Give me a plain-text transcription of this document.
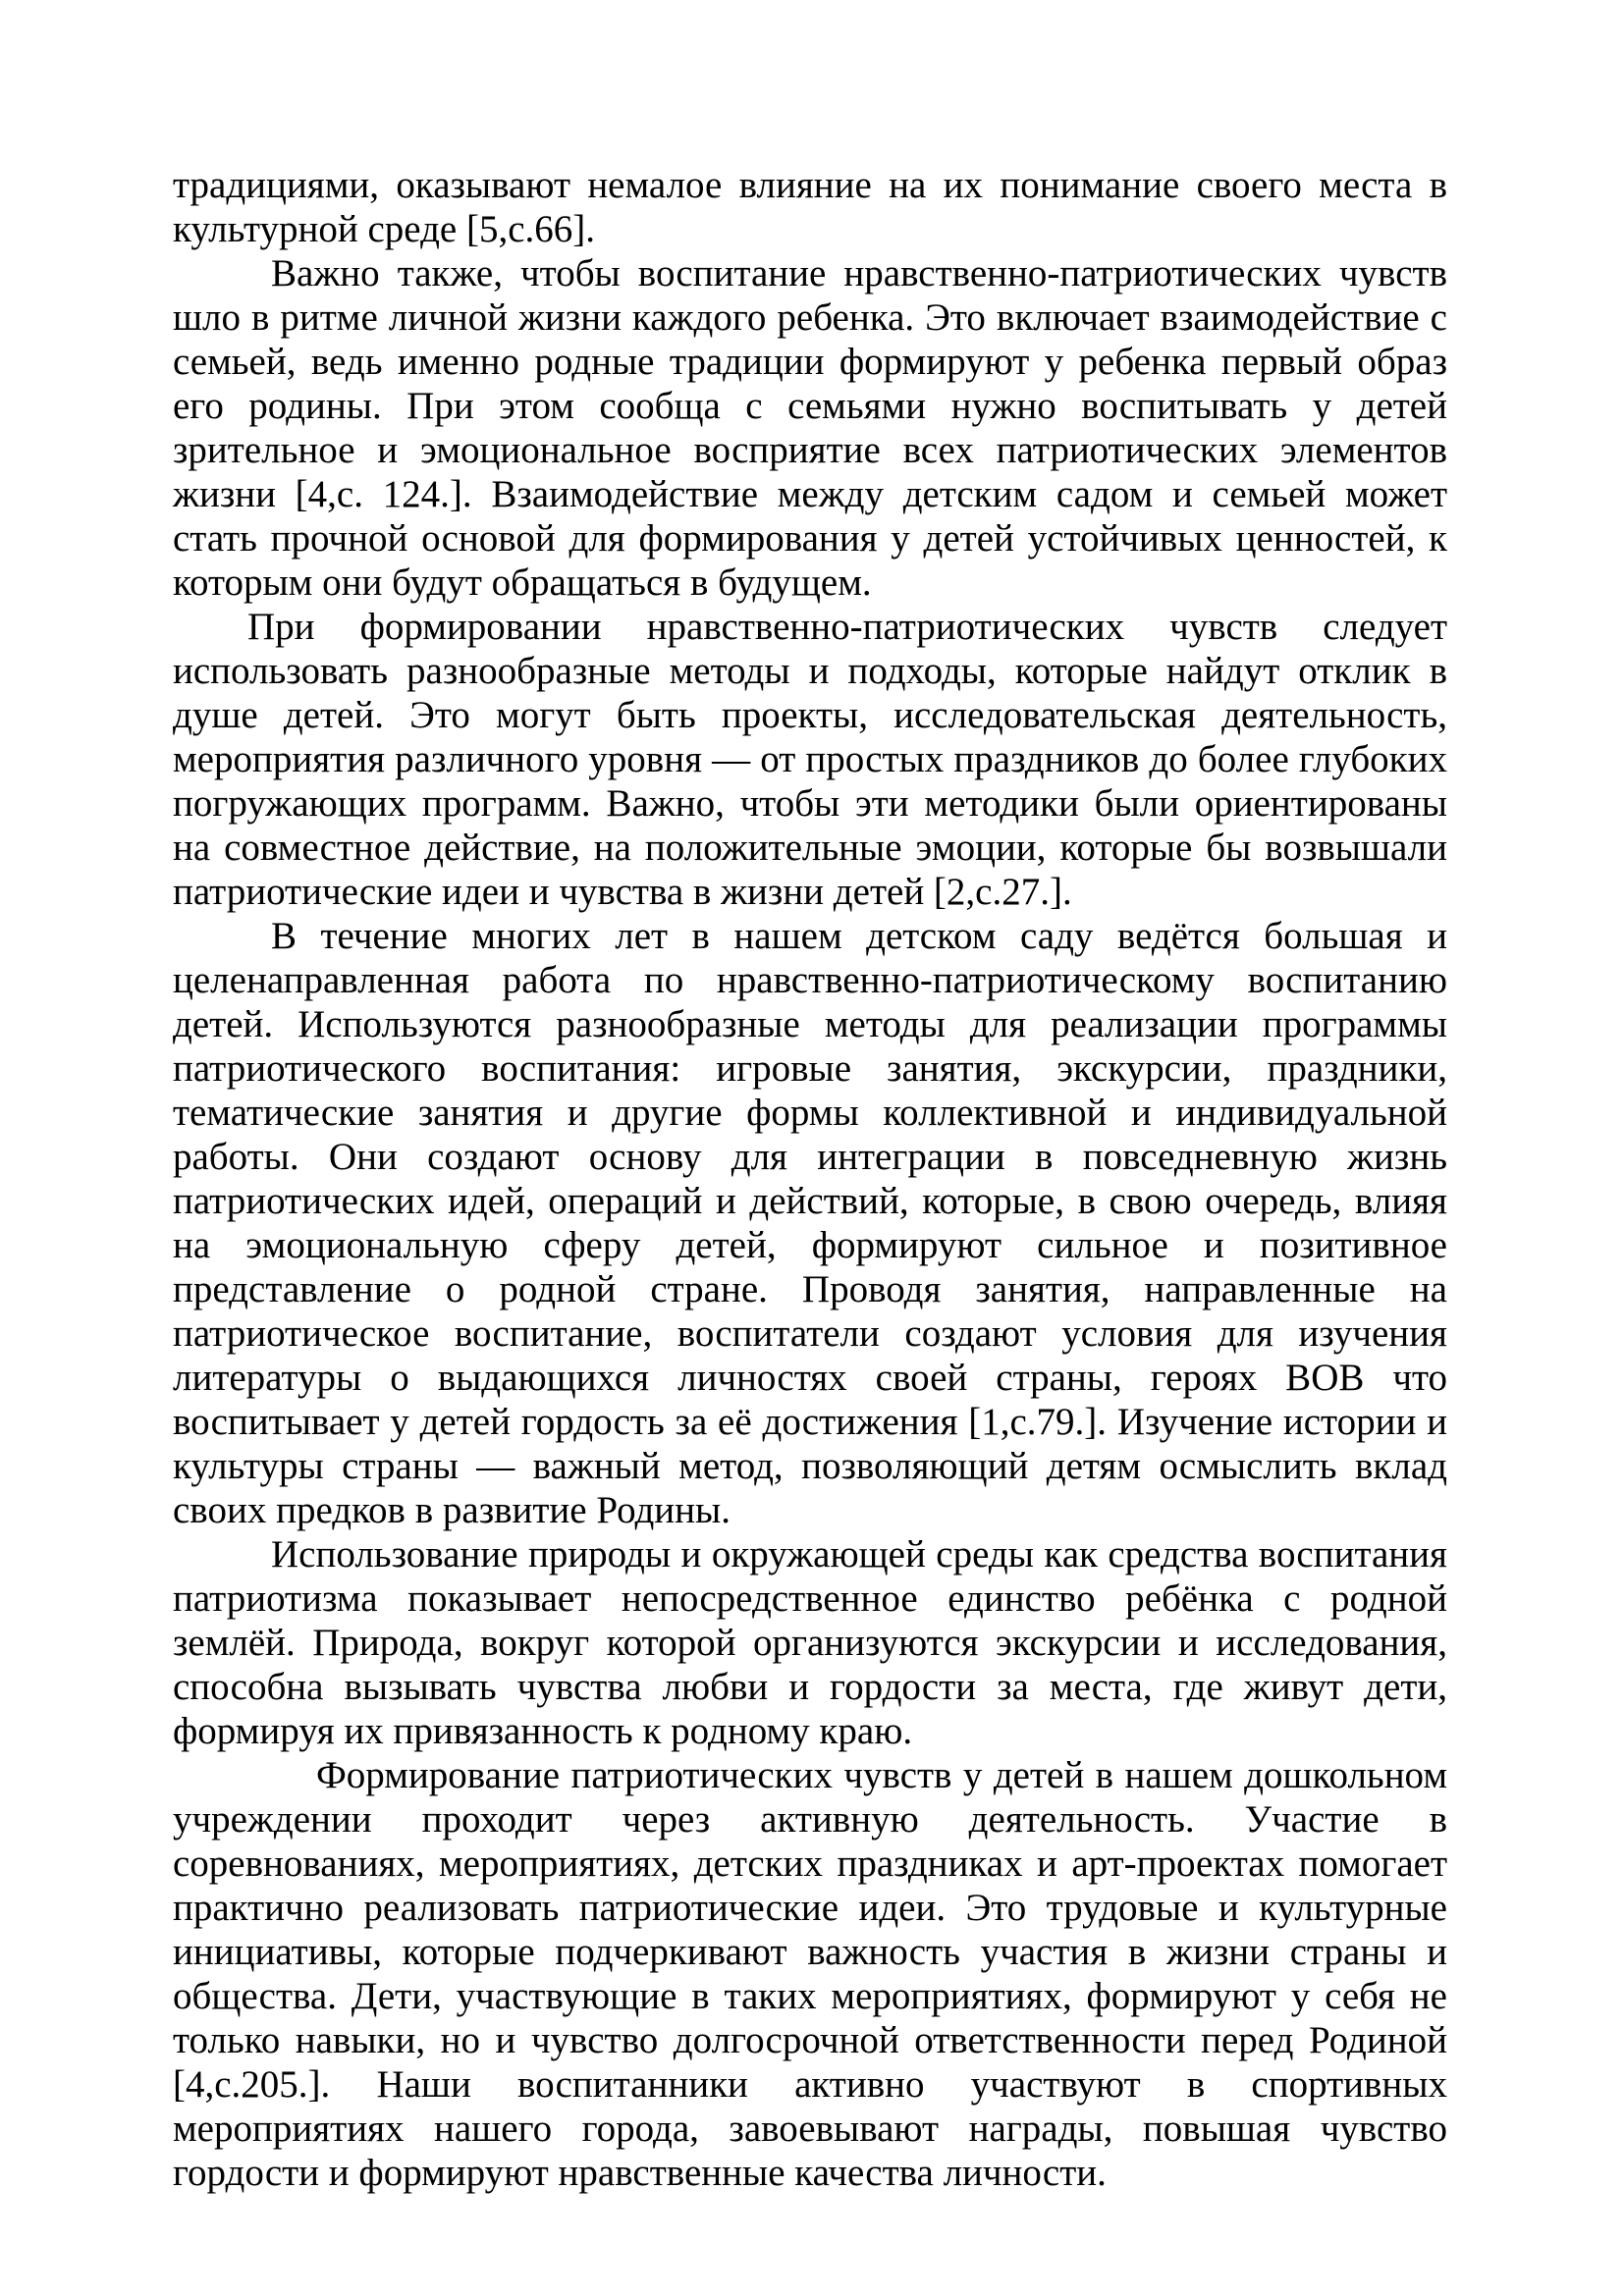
традициями, оказывают немалое влияние на их понимание своего места в культурной среде [5,с.66].

Важно также, чтобы воспитание нравственно-патриотических чувств шло в ритме личной жизни каждого ребенка. Это включает взаимодействие с семьей, ведь именно родные традиции формируют у ребенка первый образ его родины. При этом сообща с семьями нужно воспитывать у детей зрительное и эмоциональное восприятие всех патриотических элементов жизни [4,с. 124.]. Взаимодействие между детским садом и семьей может стать прочной основой для формирования у детей устойчивых ценностей, к которым они будут обращаться в будущем.

При формировании нравственно-патриотических чувств следует использовать разнообразные методы и подходы, которые найдут отклик в душе детей. Это могут быть проекты, исследовательская деятельность, мероприятия различного уровня — от простых праздников до более глубоких погружающих программ. Важно, чтобы эти методики были ориентированы на совместное действие, на положительные эмоции, которые бы возвышали патриотические идеи и чувства в жизни детей [2,с.27.].

В течение многих лет в нашем детском саду ведётся большая и целенаправленная работа по нравственно-патриотическому воспитанию детей. Используются разнообразные методы для реализации программы патриотического воспитания: игровые занятия, экскурсии, праздники, тематические занятия и другие формы коллективной и индивидуальной работы. Они создают основу для интеграции в повседневную жизнь патриотических идей, операций и действий, которые, в свою очередь, влияя на эмоциональную сферу детей, формируют сильное и позитивное представление о родной стране. Проводя занятия, направленные на патриотическое воспитание, воспитатели создают условия для изучения литературы о выдающихся личностях своей страны, героях ВОВ что воспитывает у детей гордость за её достижения [1,с.79.]. Изучение истории и культуры страны — важный метод, позволяющий детям осмыслить вклад своих предков в развитие Родины.

Использование природы и окружающей среды как средства воспитания патриотизма показывает непосредственное единство ребёнка с родной землёй. Природа, вокруг которой организуются экскурсии и исследования, способна вызывать чувства любви и гордости за места, где живут дети, формируя их привязанность к родному краю.

Формирование патриотических чувств у детей в нашем дошкольном учреждении проходит через активную деятельность. Участие в соревнованиях, мероприятиях, детских праздниках и арт-проектах помогает практично реализовать патриотические идеи. Это трудовые и культурные инициативы, которые подчеркивают важность участия в жизни страны и общества. Дети, участвующие в таких мероприятиях, формируют у себя не только навыки, но и чувство долгосрочной ответственности перед Родиной [4,с.205.]. Наши воспитанники активно участвуют в спортивных мероприятиях нашего города, завоевывают награды, повышая чувство гордости и формируют нравственные качества личности.
